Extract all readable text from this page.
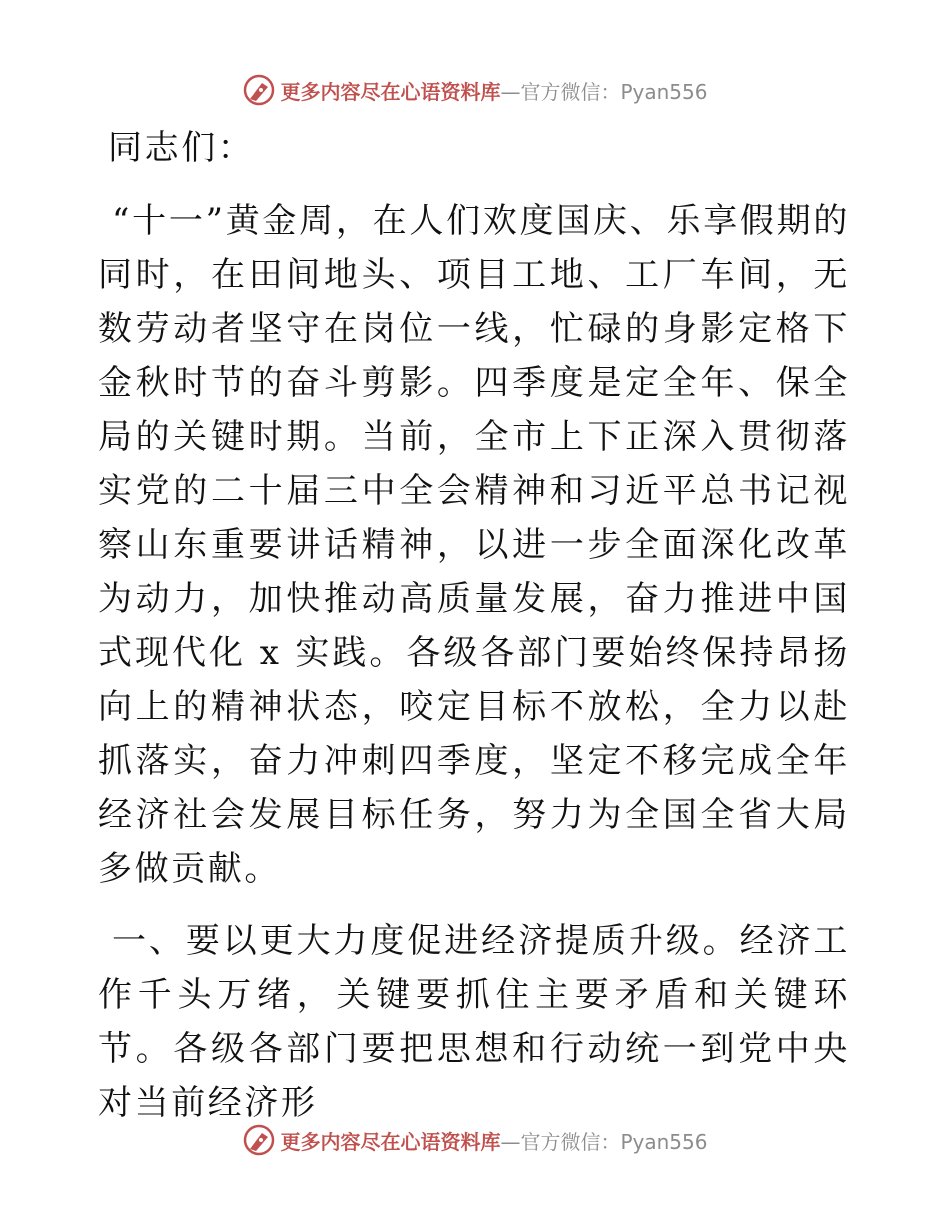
更多内容尽在心语资料库—官方微信：Pyan556
同志们：

“十一”黄金周，在人们欢度国庆、乐享假期的同时，在田间地头、项目工地、工厂车间，无数劳动者坚守在岗位一线，忙碌的身影定格下金秋时节的奋斗剪影。四季度是定全年、保全局的关键时期。当前，全市上下正深入贯彻落实党的二十届三中全会精神和习近平总书记视察山东重要讲话精神，以进一步全面深化改革为动力，加快推动高质量发展，奋力推进中国式现代化 x 实践。各级各部门要始终保持昂扬向上的精神状态，咬定目标不放松，全力以赴抓落实，奋力冲刺四季度，坚定不移完成全年经济社会发展目标任务，努力为全国全省大局多做贡献。

一、要以更大力度促进经济提质升级。经济工作千头万绪，关键要抓住主要矛盾和关键环节。各级各部门要把思想和行动统一到党中央对当前经济形

更多内容尽在心语资料库—官方微信：Pyan556
